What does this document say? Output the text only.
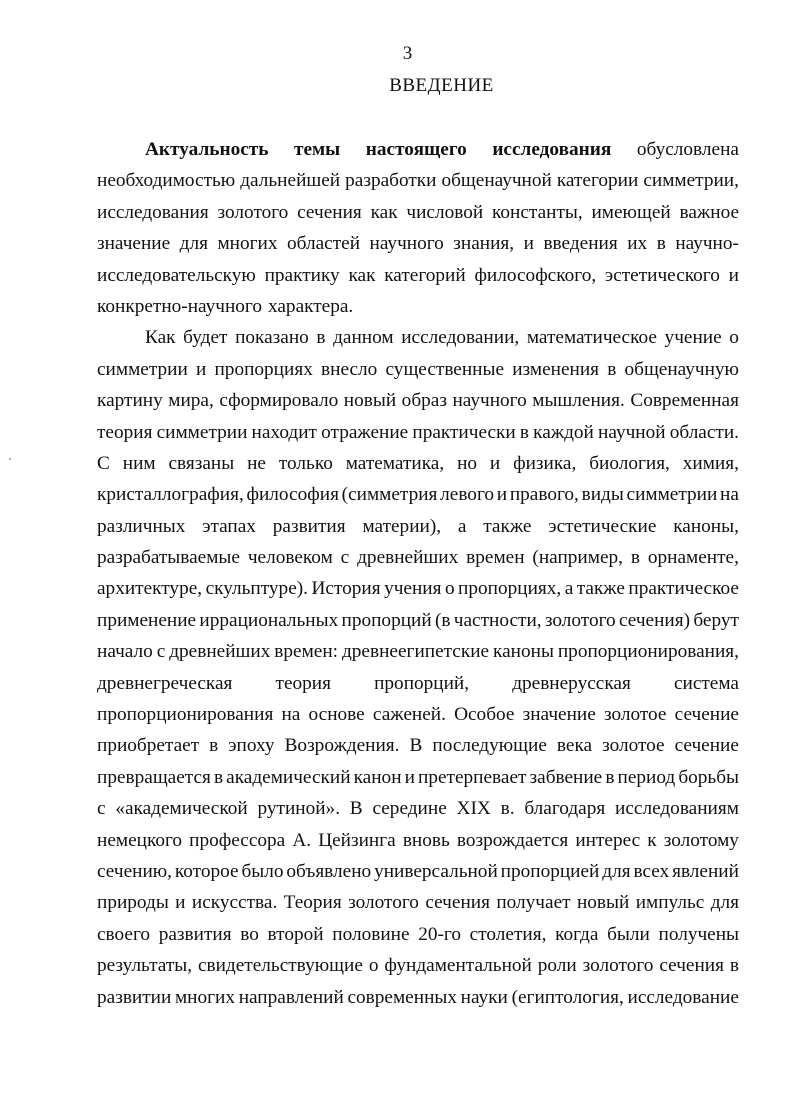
3
ВВЕДЕНИЕ
Актуальность темы настоящего исследования обусловлена
необходимостью дальнейшей разработки общенаучной категории симметрии,
исследования золотого сечения как числовой константы, имеющей важное
значение для многих областей научного знания, и введения их в научно-
исследовательскую практику как категорий философского, эстетического и
конкретно-научного характера.
Как будет показано в данном исследовании, математическое учение о
симметрии и пропорциях внесло существенные изменения в общенаучную
картину мира, сформировало новый образ научного мышления. Современная
теория симметрии находит отражение практически в каждой научной области.
С ним связаны не только математика, но и физика, биология, химия,
кристаллография, философия (симметрия левого и правого, виды симметрии на
различных этапах развития материи), а также эстетические каноны,
разрабатываемые человеком с древнейших времен (например, в орнаменте,
архитектуре, скульптуре). История учения о пропорциях, а также практическое
применение иррациональных пропорций (в частности, золотого сечения) берут
начало с древнейших времен: древнеегипетские каноны пропорционирования,
древнегреческая теория пропорций, древнерусская система
пропорционирования на основе саженей. Особое значение золотое сечение
приобретает в эпоху Возрождения. В последующие века золотое сечение
превращается в академический канон и претерпевает забвение в период борьбы
с «академической рутиной». В середине XIX в. благодаря исследованиям
немецкого профессора А. Цейзинга вновь возрождается интерес к золотому
сечению, которое было объявлено универсальной пропорцией для всех явлений
природы и искусства. Теория золотого сечения получает новый импульс для
своего развития во второй половине 20-го столетия, когда были получены
результаты, свидетельствующие о фундаментальной роли золотого сечения в
развитии многих направлений современных науки (египтология, исследование
